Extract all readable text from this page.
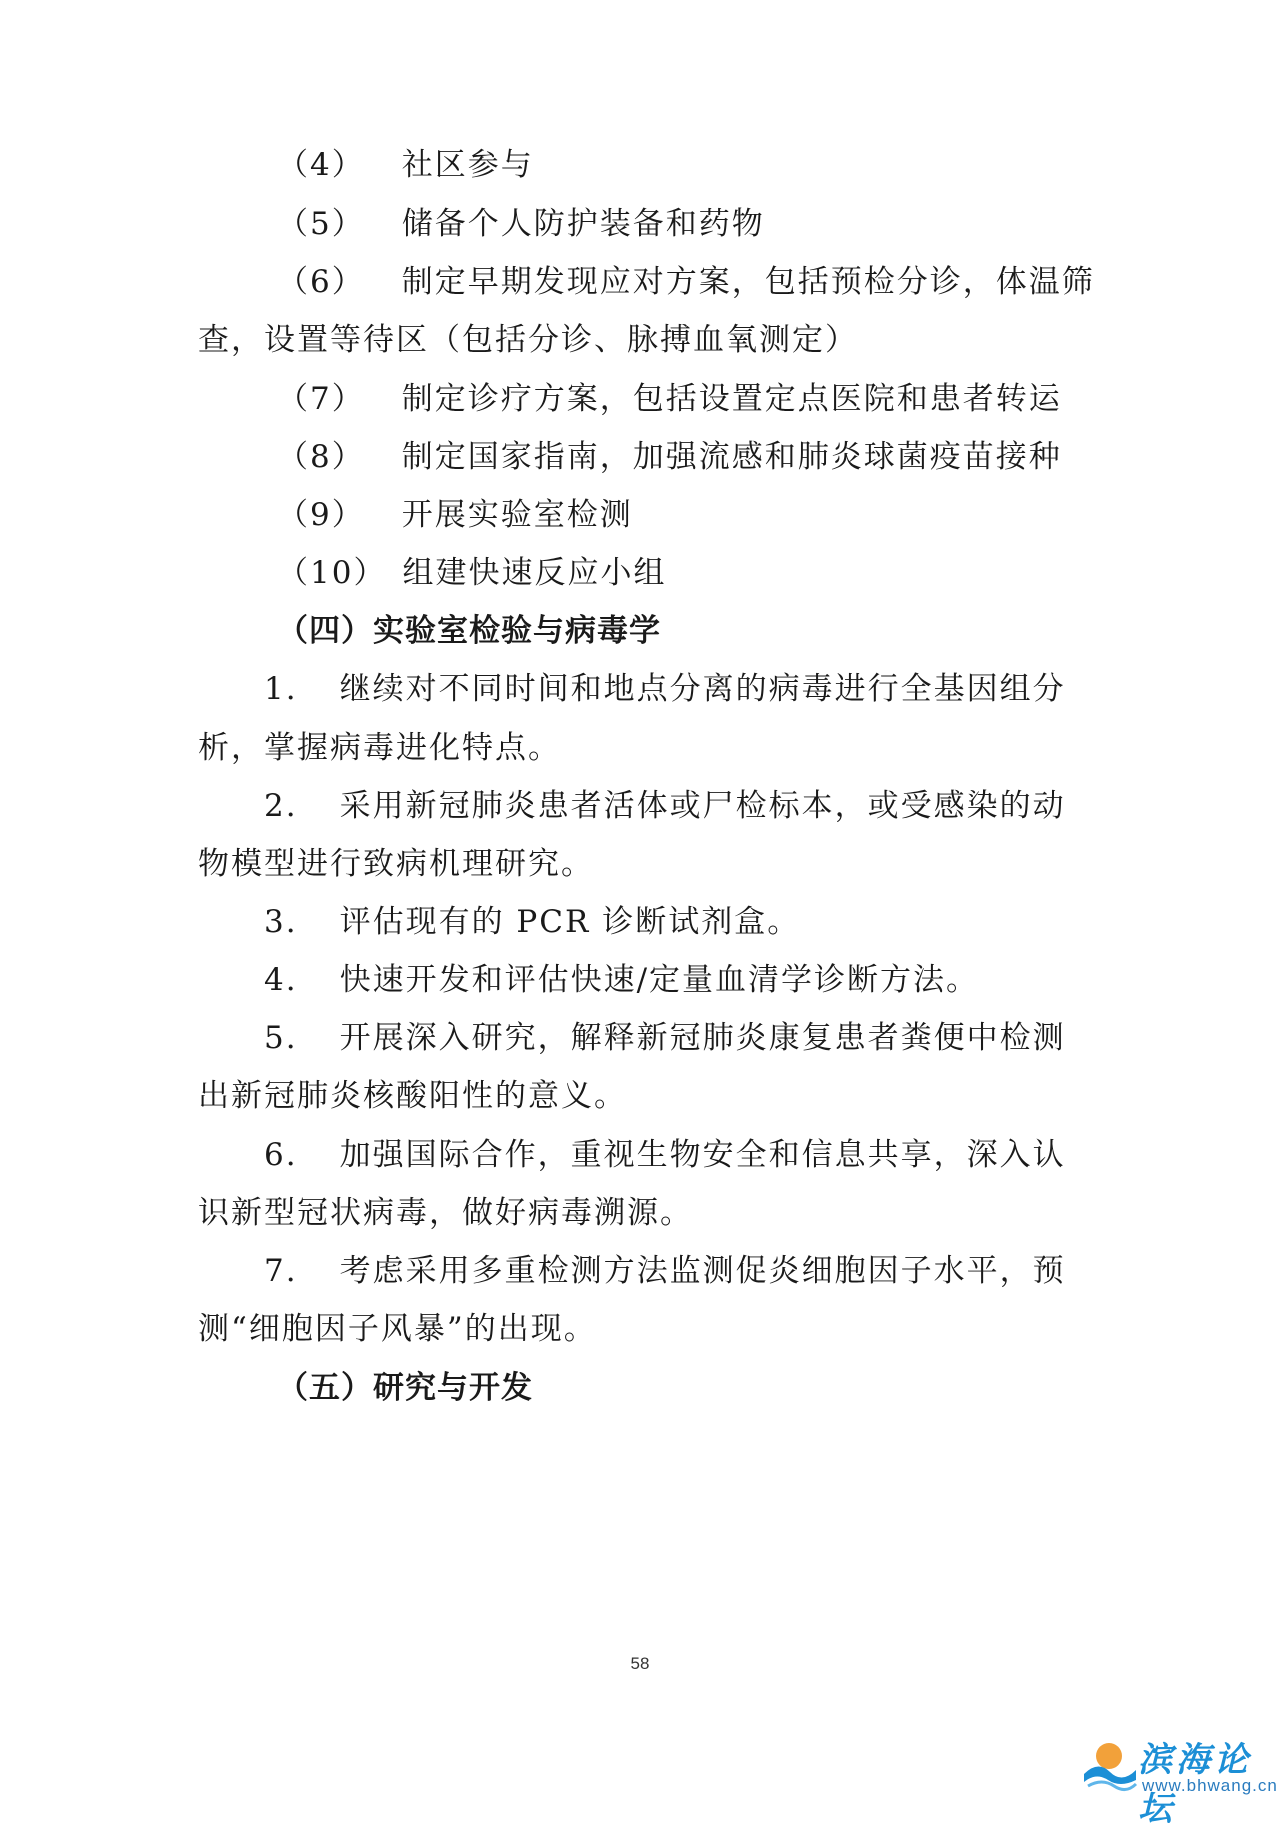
（4） 社区参与

（5） 储备个人防护装备和药物

（6） 制定早期发现应对方案，包括预检分诊，体温筛

查，设置等待区（包括分诊、脉搏血氧测定）

（7） 制定诊疗方案，包括设置定点医院和患者转运

（8） 制定国家指南，加强流感和肺炎球菌疫苗接种

（9） 开展实验室检测

（10） 组建快速反应小组

（四）实验室检验与病毒学

1. 继续对不同时间和地点分离的病毒进行全基因组分

析，掌握病毒进化特点。

2. 采用新冠肺炎患者活体或尸检标本，或受感染的动

物模型进行致病机理研究。

3. 评估现有的 PCR 诊断试剂盒。

4. 快速开发和评估快速/定量血清学诊断方法。

5. 开展深入研究，解释新冠肺炎康复患者粪便中检测

出新冠肺炎核酸阳性的意义。

6. 加强国际合作，重视生物安全和信息共享，深入认

识新型冠状病毒，做好病毒溯源。

7. 考虑采用多重检测方法监测促炎细胞因子水平，预

测“细胞因子风暴”的出现。

（五）研究与开发

58

滨海论坛

www.bhwang.cn
